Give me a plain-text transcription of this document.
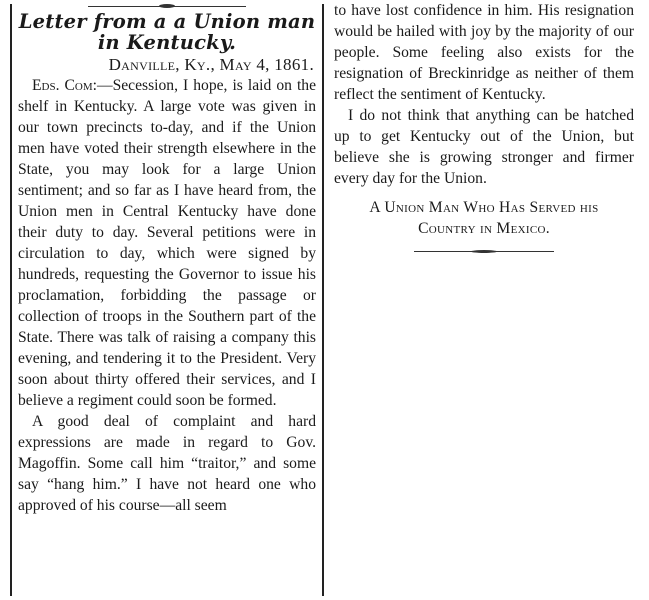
Letter from a a Union man in Kentucky.
Danville, Ky., May 4, 1861.

Eds. Com:—Secession, I hope, is laid on the shelf in Kentucky. A large vote was given in our town precincts to-day, and if the Union men have voted their strength elsewhere in the State, you may look for a large Union sentiment; and so far as I have heard from, the Union men in Central Kentucky have done their duty to day. Several petitions were in circulation to day, which were signed by hundreds, requesting the Governor to issue his proclamation, forbidding the passage or collection of troops in the Southern part of the State. There was talk of raising a company this evening, and tendering it to the President. Very soon about thirty offered their services, and I believe a regiment could soon be formed.

A good deal of complaint and hard expressions are made in regard to Gov. Magoffin. Some call him “traitor,” and some say “hang him.” I have not heard one who approved of his course—all seem

to have lost confidence in him. His resignation would be hailed with joy by the majority of our people. Some feeling also exists for the resignation of Breckinridge as neither of them reflect the sentiment of Kentucky.

I do not think that anything can be hatched up to get Kentucky out of the Union, but believe she is growing stronger and firmer every day for the Union.

A Union Man Who Has Served his
Country in Mexico.
